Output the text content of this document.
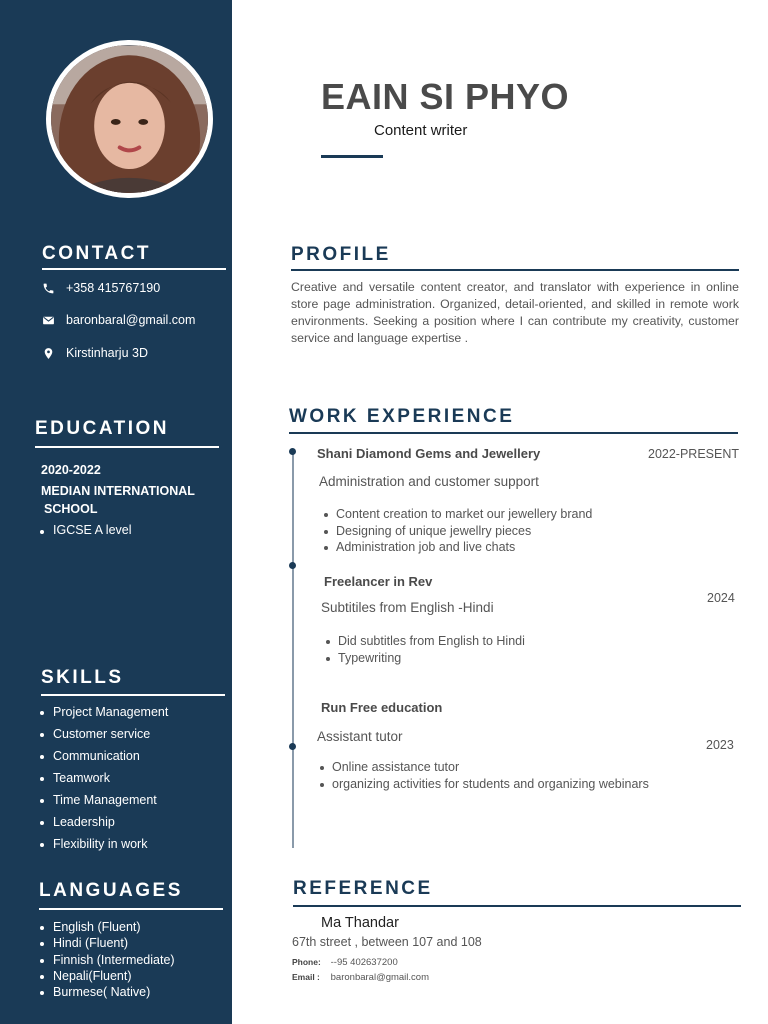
CONTACT
+358 415767190
baronbaral@gmail.com
Kirstinharju 3D
EDUCATION
2020-2022
MEDIAN INTERNATIONAL
SCHOOL
IGCSE A level
SKILLS
Project Management
Customer service
Communication
Teamwork
Time Management
Leadership
Flexibility in work
LANGUAGES
English (Fluent)
Hindi (Fluent)
Finnish (Intermediate)
Nepali(Fluent)
Burmese( Native)
EAIN SI PHYO
Content writer
PROFILE

Creative and versatile content creator, and translator with experience in online store page administration. Organized, detail-oriented, and skilled in remote work environments. Seeking a position where I can contribute my creativity, customer service and language expertise .

WORK EXPERIENCE
Shani Diamond Gems and Jewellery	2022-PRESENT
Administration and customer support
Content creation to market our jewellery brand
Designing of unique jewellry pieces
Administration job and live chats
Freelancer in Rev
2024
Subtitiles from English -Hindi
Did subtitles from English to Hindi
Typewriting
Run Free education
2023
Assistant tutor
Online assistance tutor
organizing activities for students and organizing webinars
REFERENCE
Ma Thandar
67th street , between 107 and 108
Phone: --95 402637200
Email : baronbaral@gmail.com
